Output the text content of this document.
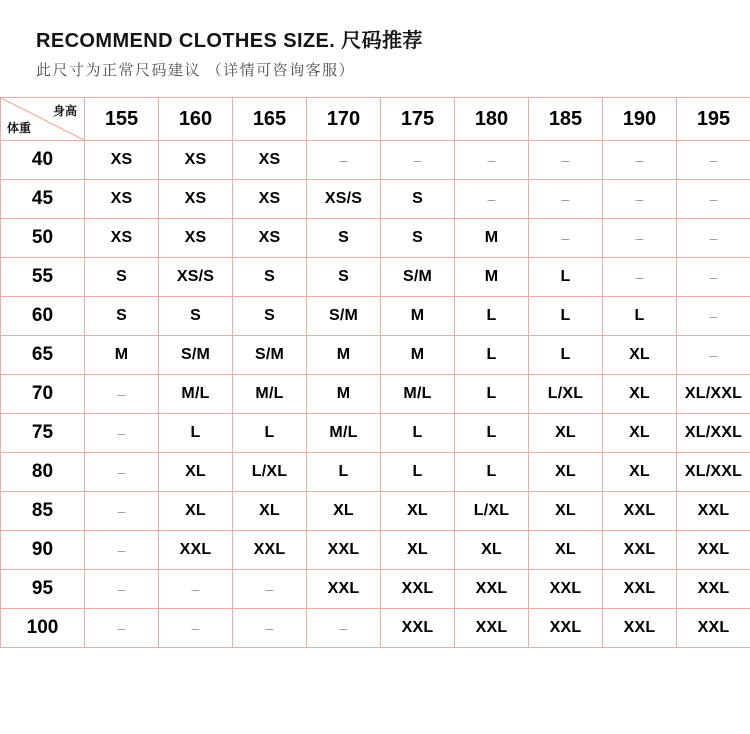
RECOMMEND CLOTHES SIZE. 尺码推荐

此尺寸为正常尺码建议 （详情可咨询客服）

身高
体重	155	160	165	170	175	180	185	190	195
40	XS	XS	XS	–	–	–	–	–	–
45	XS	XS	XS	XS/S	S	–	–	–	–
50	XS	XS	XS	S	S	M	–	–	–
55	S	XS/S	S	S	S/M	M	L	–	–
60	S	S	S	S/M	M	L	L	L	–
65	M	S/M	S/M	M	M	L	L	XL	–
70	–	M/L	M/L	M	M/L	L	L/XL	XL	XL/XXL
75	–	L	L	M/L	L	L	XL	XL	XL/XXL
80	–	XL	L/XL	L	L	L	XL	XL	XL/XXL
85	–	XL	XL	XL	XL	L/XL	XL	XXL	XXL
90	–	XXL	XXL	XXL	XL	XL	XL	XXL	XXL
95	–	–	–	XXL	XXL	XXL	XXL	XXL	XXL
100	–	–	–	–	XXL	XXL	XXL	XXL	XXL
